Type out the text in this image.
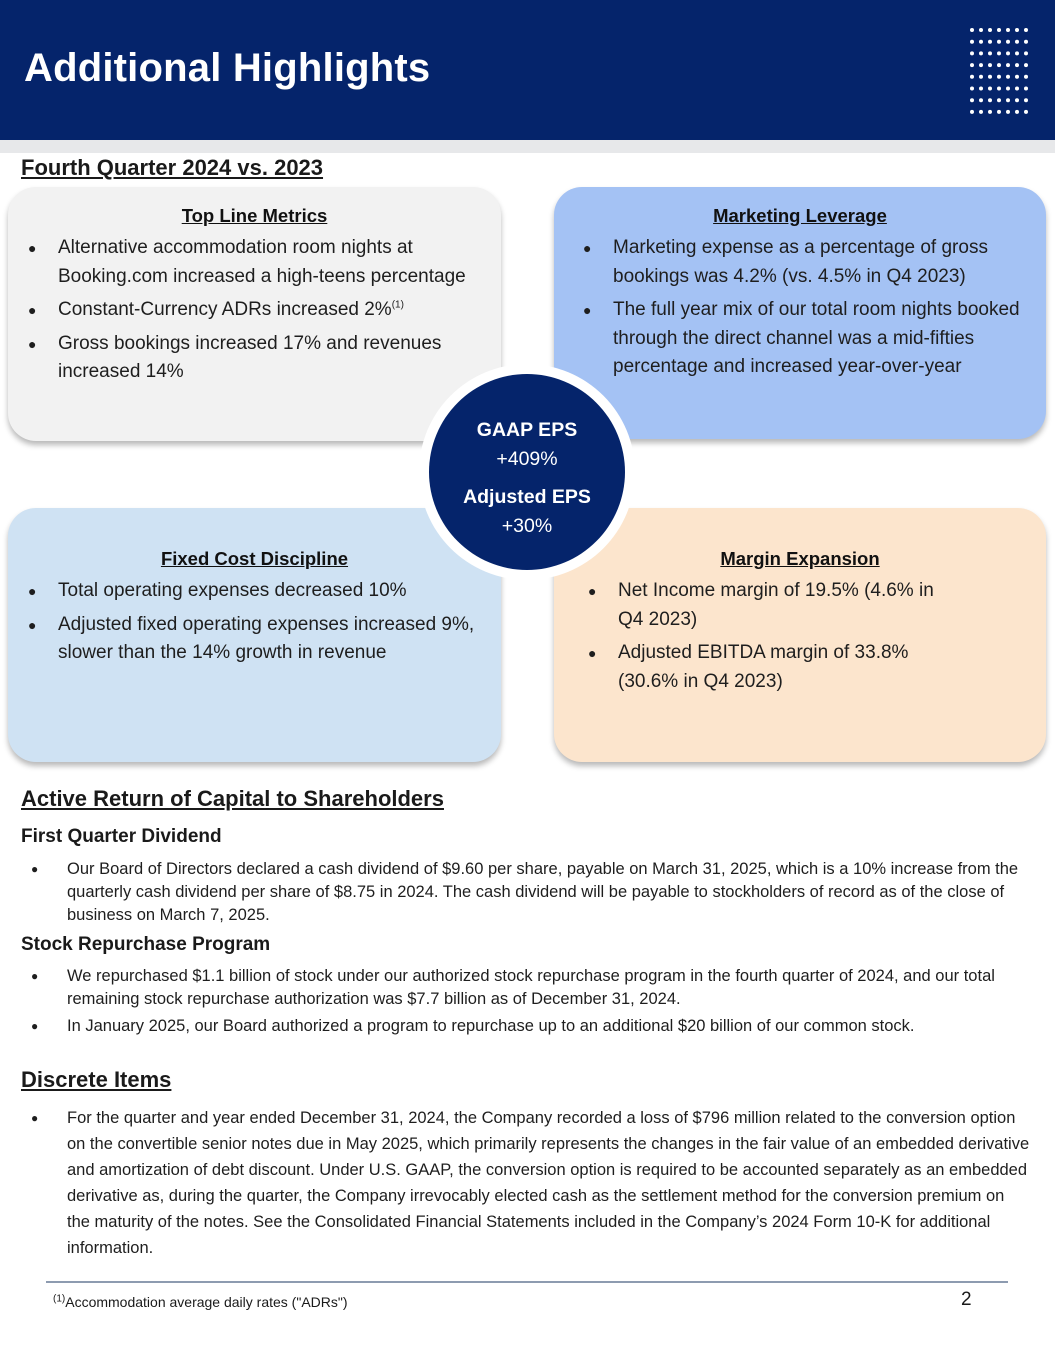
Additional Highlights
Fourth Quarter 2024 vs. 2023
Top Line Metrics
● Alternative accommodation room nights at Booking.com increased a high-teens percentage
● Constant-Currency ADRs increased 2%$^{(1)}$
● Gross bookings increased 17% and revenues increased 14%
Marketing Leverage
● Marketing expense as a percentage of gross bookings was 4.2% (vs. 4.5% in Q4 2023)
● The full year mix of our total room nights booked through the direct channel was a mid-fifties percentage and increased year-over-year
Fixed Cost Discipline
● Total operating expenses decreased 10%
● Adjusted fixed operating expenses increased 9%, slower than the 14% growth in revenue
Margin Expansion
● Net Income margin of 19.5% (4.6% in Q4 2023)
● Adjusted EBITDA margin of 33.8% (30.6% in Q4 2023)
GAAP EPS
+409%
Adjusted EPS
+30%
Active Return of Capital to Shareholders
First Quarter Dividend
● Our Board of Directors declared a cash dividend of $9.60 per share, payable on March 31, 2025, which is a 10% increase from the quarterly cash dividend per share of $8.75 in 2024. The cash dividend will be payable to stockholders of record as of the close of business on March 7, 2025.
Stock Repurchase Program
● We repurchased $1.1 billion of stock under our authorized stock repurchase program in the fourth quarter of 2024, and our total remaining stock repurchase authorization was $7.7 billion as of December 31, 2024.
● In January 2025, our Board authorized a program to repurchase up to an additional $20 billion of our common stock.
Discrete Items
● For the quarter and year ended December 31, 2024, the Company recorded a loss of $796 million related to the conversion option on the convertible senior notes due in May 2025, which primarily represents the changes in the fair value of an embedded derivative and amortization of debt discount. Under U.S. GAAP, the conversion option is required to be accounted separately as an embedded derivative as, during the quarter, the Company irrevocably elected cash as the settlement method for the conversion premium on the maturity of the notes. See the Consolidated Financial Statements included in the Company’s 2024 Form 10-K for additional information.
$^{(1)}$Accommodation average daily rates ("ADRs")	2
